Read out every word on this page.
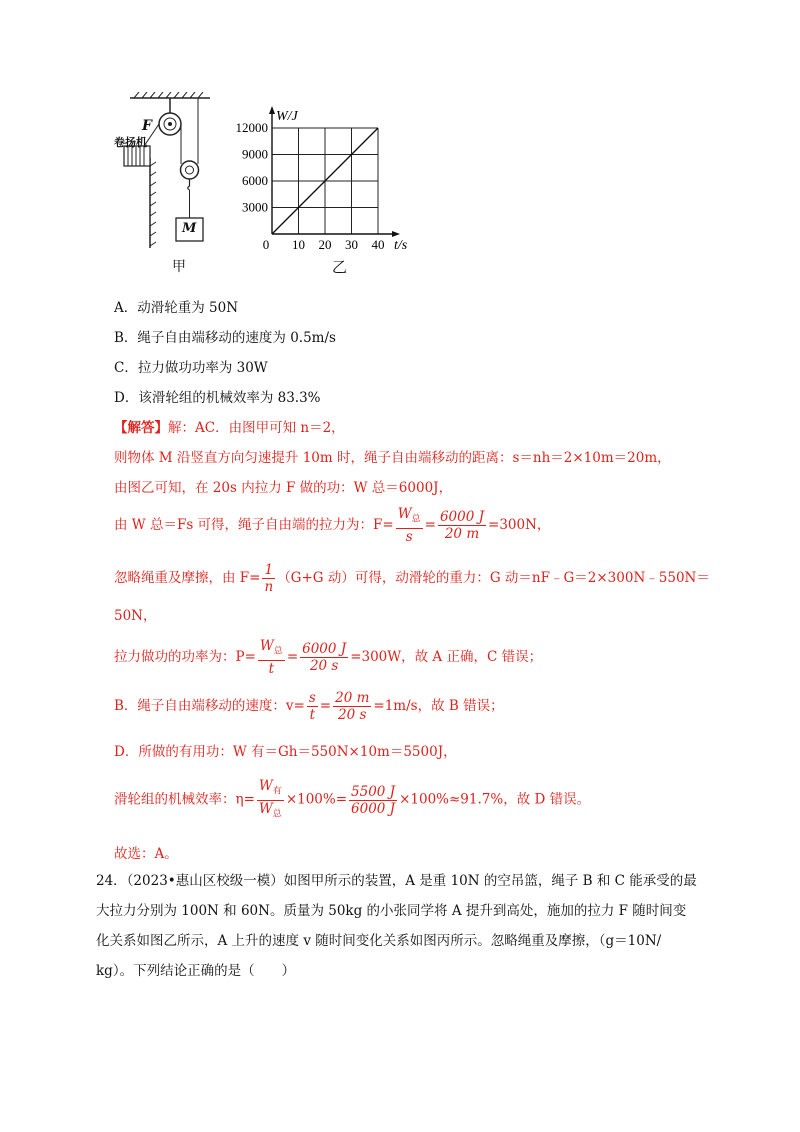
F
卷扬机
M
甲
0 10 20 30 40
3000
6000
9000
12000
W/J
t/s
乙
A．动滑轮重为 50N
B．绳子自由端移动的速度为 0.5m/s
C．拉力做功功率为 30W
D．该滑轮组的机械效率为 83.3%
【解答】解：AC．由图甲可知 n＝2，
则物体 M 沿竖直方向匀速提升 10m 时，绳子自由端移动的距离：s＝nh＝2×10m＝20m，
由图乙可知，在 20s 内拉力 F 做的功：W 总＝6000J，
由 W 总＝Fs 可得，绳子自由端的拉力为：$F= \frac{W_总}{s} = \frac{6000 J}{20 m} =300N$，
忽略绳重及摩擦，由 $F= \frac{1}{n} (G+G$ 动）可得，动滑轮的重力：G 动＝nF﹣G＝2×300N﹣550N＝
50N，
拉力做功的功率为：$P= \frac{W_总}{t} = \frac{6000 J}{20 s} =300W$，故 A 正确，C 错误；
B．绳子自由端移动的速度：$v= \frac{s}{t} = \frac{20 m}{20 s} =1m/s$，故 B 错误；
D．所做的有用功：W 有＝Gh＝550N×10m＝5500J，
滑轮组的机械效率：$\eta= \frac{W_有}{W_总} \times 100\%= \frac{5500 J}{6000 J} \times 100\%\approx 91.7\%$，故 D 错误。
故选：A。
24．（2023•惠山区校级一模）如图甲所示的装置，A 是重 10N 的空吊篮，绳子 B 和 C 能承受的最
大拉力分别为 100N 和 60N。质量为 50kg 的小张同学将 A 提升到高处，施加的拉力 F 随时间变
化关系如图乙所示，A 上升的速度 v 随时间变化关系如图丙所示。忽略绳重及摩擦，（g＝10N/
kg）。下列结论正确的是（　　）
